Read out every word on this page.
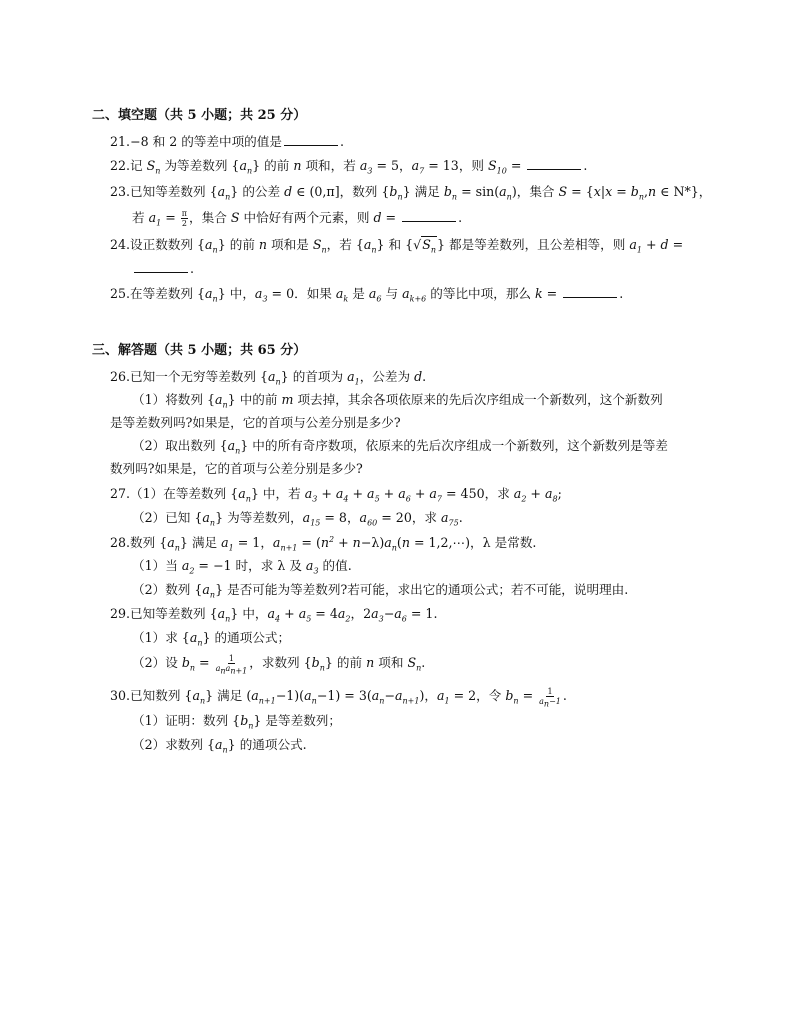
二、填空题（共 5 小题；共 25 分）
21.−8 和 2 的等差中项的值是	.
22.记 $S_n$ 为等差数列 $\{a_n\}$ 的前 n 项和，若 $a_3 = 5$，$a_7 = 13$，则 $S_{10}$ =	.
23.已知等差数列 $\{a_n\}$ 的公差 d ∈ (0,π]，数列 $\{b_n\}$ 满足 $b_n = \sin(a_n)$，集合 $S = \{x|x = b_n,n$ ∈ N*}，
若 $a_1 = \frac{\pi}{2}$ ，集合 S 中恰好有两个元素，则 d =	.
24.设正数数列 $\{a_n\}$ 的前 n 项和是 $S_n$，若 $\{a_n\}$ 和 $\{√S_n\}$ 都是等差数列，且公差相等，则 $a_1 + d$ =
.
25.在等差数列 $\{a_n\}$ 中，$a_3 = 0$．如果 $a_k$ 是 $a_6$ 与 $a_{k+6}$ 的等比中项，那么 k =	.
三、解答题（共 5 小题；共 65 分）
26.已知一个无穷等差数列 $\{a_n\}$ 的首项为 $a_1$，公差为 d.
（1）将数列 $\{a_n\}$ 中的前 m 项去掉，其余各项依原来的先后次序组成一个新数列，这个新数列
是等差数列吗?如果是，它的首项与公差分别是多少?
（2）取出数列 $\{a_n\}$ 中的所有奇序数项，依原来的先后次序组成一个新数列，这个新数列是等差
数列吗?如果是，它的首项与公差分别是多少?
27.（1）在等差数列 $\{a_n\}$ 中，若 $a_3 + a_4 + a_5 + a_6 + a_7 = 450$，求 $a_2 + a_8$;
（2）已知 $\{a_n\}$ 为等差数列，$a_{15} = 8$，$a_{60} = 20$，求 $a_{75}$.
28.数列 $\{a_n\}$ 满足 $a_1 = 1$，$a_{n+1} = (n^2 + n-\lambda)a_n(n$ = 1,2,⋯)，λ 是常数.
（1）当 $a_2 = -1$ 时，求 λ 及 $a_3$ 的值.
（2）数列 $\{a_n\}$ 是否可能为等差数列?若可能，求出它的通项公式；若不可能，说明理由.
29.已知等差数列 $\{a_n\}$ 中，$a_4 + a_5 = 4a_2$，$2a_3-a_6 = 1$.
（1）求 $\{a_n\}$ 的通项公式；
（2）设 $b_n = \frac{1}{a_na_{n+1}}$ ，求数列 $\{b_n\}$ 的前 n 项和 $S_n$.
30.已知数列 $\{a_n\}$ 满足 $(a_{n+1}-1)(a_n-1) = 3(a_n-a_{n+1})$，$a_1 = 2$，令 $b_n = \frac{1}{a_n-1}$ .
（1）证明：数列 $\{b_n\}$ 是等差数列；
（2）求数列 $\{a_n\}$ 的通项公式.
